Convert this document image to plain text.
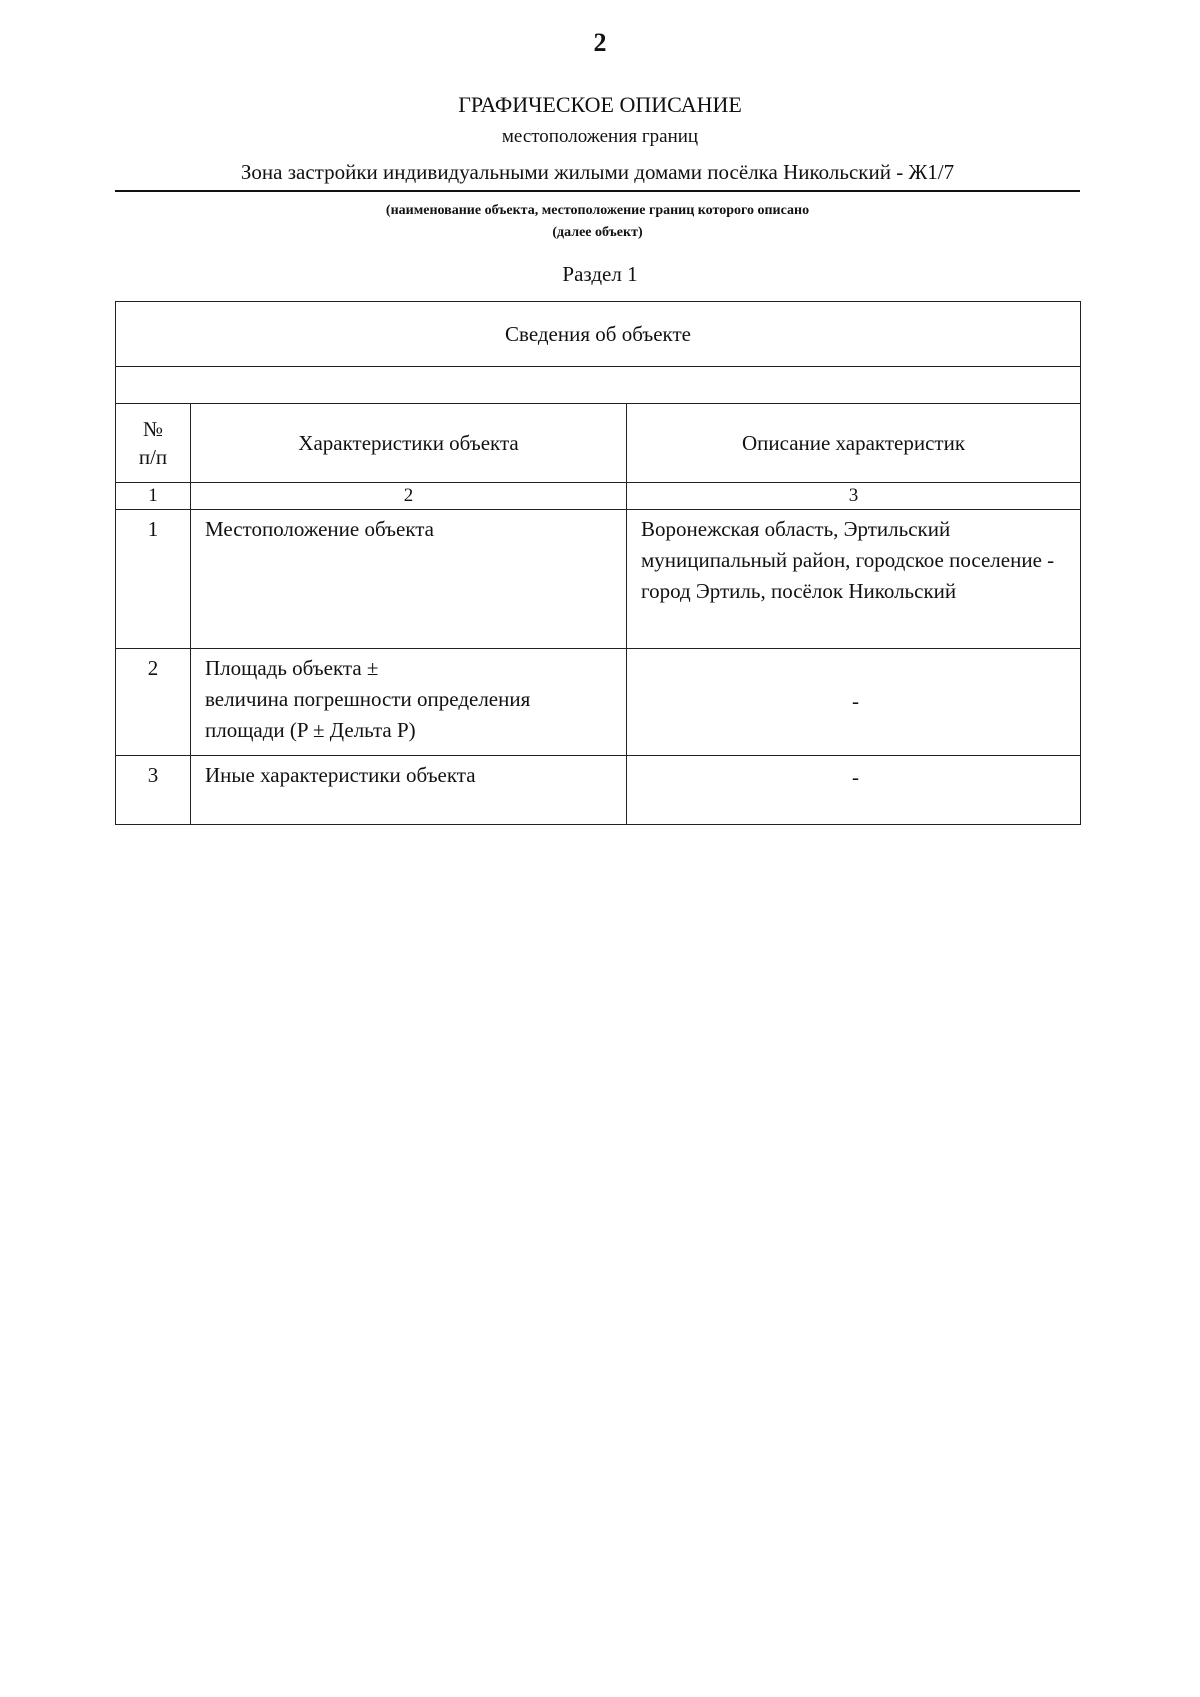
2
ГРАФИЧЕСКОЕ ОПИСАНИЕ
местоположения границ
Зона застройки индивидуальными жилыми домами посёлка Никольский - Ж1/7
(наименование объекта, местоположение границ которого описано
(далее объект)
Раздел 1
Сведения об объекте		

№
п/п	Характеристики объекта	Описание характеристик
1	2	3
1	Местоположение объекта	Воронежская область, Эртильский муниципальный район, городское поселение - город Эртиль, посёлок Никольский
2	Площадь объекта ±
величина погрешности определения
площади (P ± Дельта P)	-
3	Иные характеристики объекта	-
